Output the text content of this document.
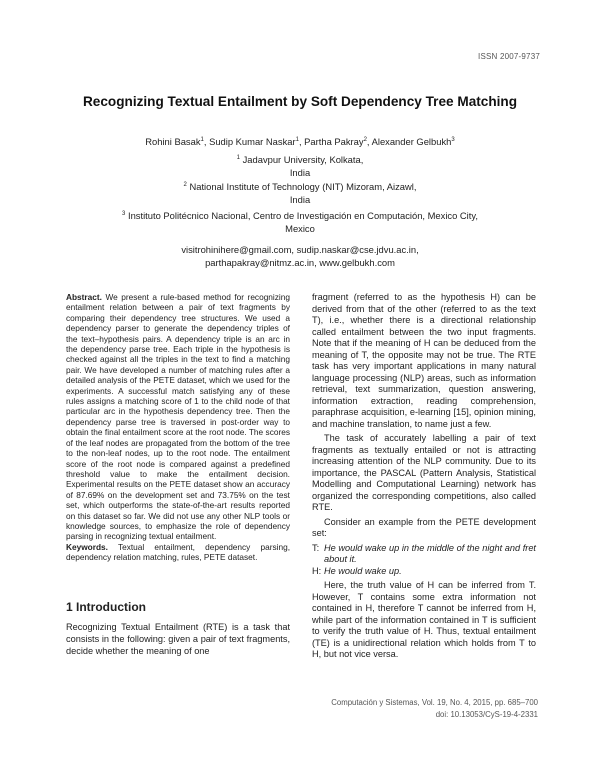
ISSN 2007-9737
Recognizing Textual Entailment by Soft Dependency Tree Matching
Rohini Basak$^1$, Sudip Kumar Naskar$^1$, Partha Pakray$^2$, Alexander Gelbukh$^3$
$^1$ Jadavpur University, Kolkata,
India
$^2$ National Institute of Technology (NIT) Mizoram, Aizawl,
India
$^3$ Instituto Politécnico Nacional, Centro de Investigación en Computación, Mexico City,
Mexico
visitrohinihere@gmail.com, sudip.naskar@cse.jdvu.ac.in,
parthapakray@nitmz.ac.in, www.gelbukh.com

Abstract. We present a rule-based method for recognizing entailment relation between a pair of text fragments by comparing their dependency tree structures. We used a dependency parser to generate the dependency triples of the text–hypothesis pairs. A dependency triple is an arc in the dependency parse tree. Each triple in the hypothesis is checked against all the triples in the text to find a matching pair. We have developed a number of matching rules after a detailed analysis of the PETE dataset, which we used for the experiments. A successful match satisfying any of these rules assigns a matching score of 1 to the child node of that particular arc in the hypothesis dependency tree. Then the dependency parse tree is traversed in post-order way to obtain the final entailment score at the root node. The scores of the leaf nodes are propagated from the bottom of the tree to the non-leaf nodes, up to the root node. The entailment score of the root node is compared against a predefined threshold value to make the entailment decision. Experimental results on the PETE dataset show an accuracy of 87.69% on the development set and 73.75% on the test set, which outperforms the state-of-the-art results reported on this dataset so far. We did not use any other NLP tools or knowledge sources, to emphasize the role of dependency parsing in recognizing textual entailment.

Keywords. Textual entailment, dependency parsing, dependency relation matching, rules, PETE dataset.

1 Introduction
Recognizing Textual Entailment (RTE) is a task that consists in the following: given a pair of text fragments, decide whether the meaning of one

fragment (referred to as the hypothesis H) can be derived from that of the other (referred to as the text T), i.e., whether there is a directional relationship called entailment between the two input fragments. Note that if the meaning of H can be deduced from the meaning of T, the opposite may not be true. The RTE task has very important applications in many natural language processing (NLP) areas, such as information retrieval, text summarization, question answering, information extraction, reading comprehension, paraphrase acquisition, e-learning [15], opinion mining, and machine translation, to name just a few.

The task of accurately labelling a pair of text fragments as textually entailed or not is attracting increasing attention of the NLP community. Due to its importance, the PASCAL (Pattern Analysis, Statistical Modelling and Computational Learning) network has organized the corresponding competitions, also called RTE.

Consider an example from the PETE development set:

T: He would wake up in the middle of the night and fret about it.
H: He would wake up.

Here, the truth value of H can be inferred from T. However, T contains some extra information not contained in H, therefore T cannot be inferred from H, while part of the information contained in T is sufficient to verify the truth value of H. Thus, textual entailment (TE) is a unidirectional relation which holds from T to H, but not vice versa.

Computación y Sistemas, Vol. 19, No. 4, 2015, pp. 685–700
doi: 10.13053/CyS-19-4-2331
